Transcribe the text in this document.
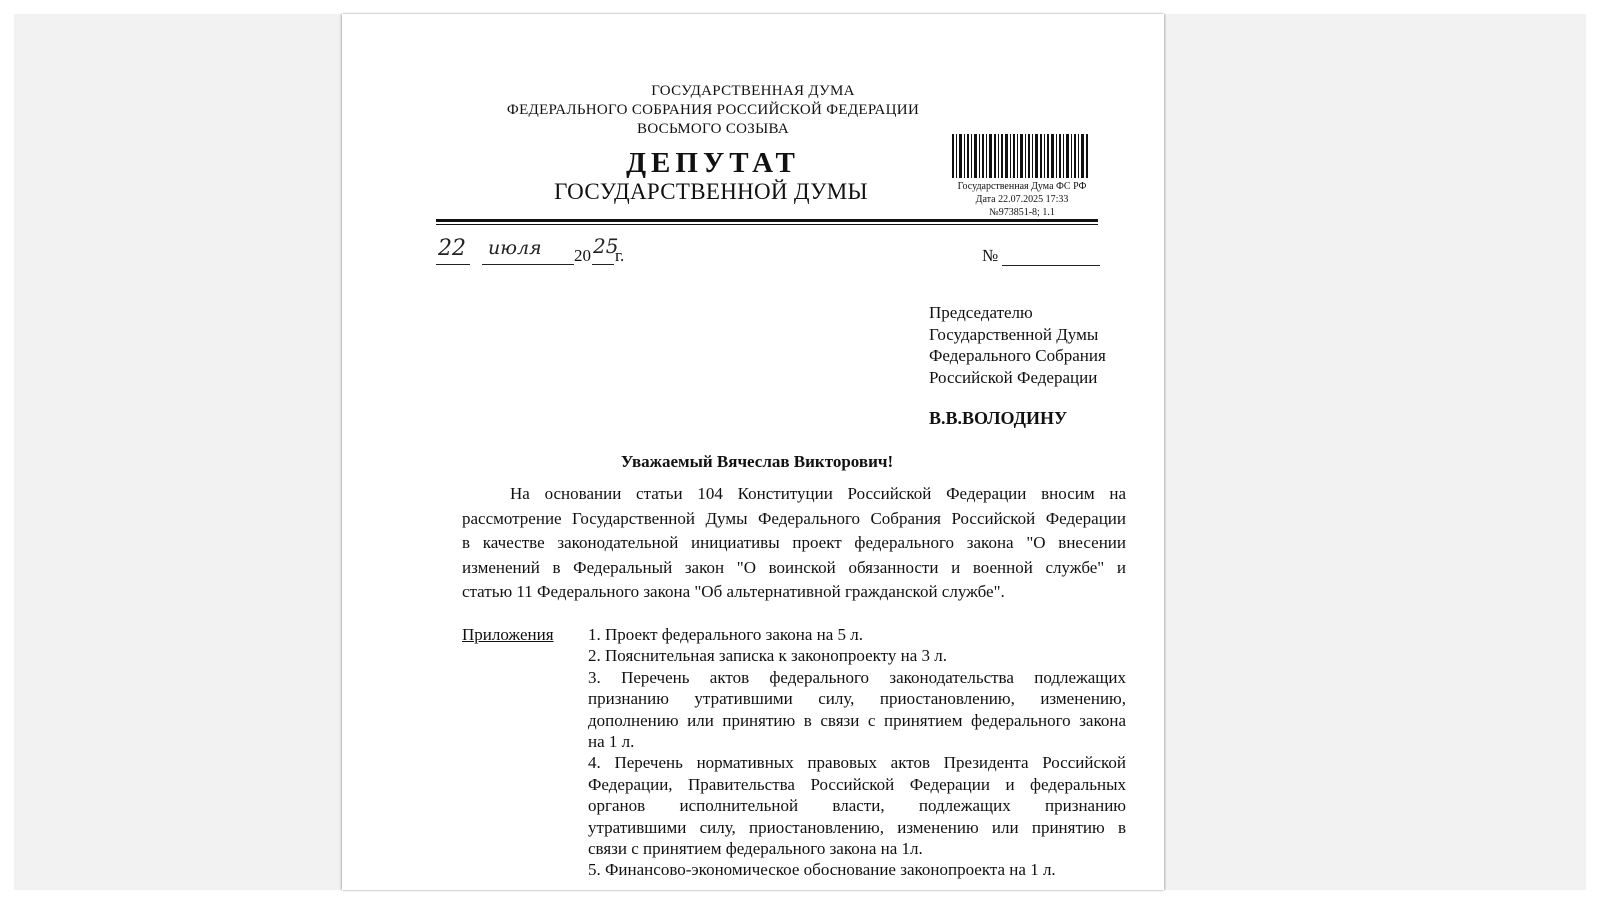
ГОСУДАРСТВЕННАЯ ДУМА
ФЕДЕРАЛЬНОГО СОБРАНИЯ РОССИЙСКОЙ ФЕДЕРАЦИИ
ВОСЬМОГО СОЗЫВА
ДЕПУТАТ
ГОСУДАРСТВЕННОЙ ДУМЫ	Государственная Дума ФС РФ
Дата 22.07.2025 17:33
№973851-8; 1.1
22 июля 20 25
г.	№
Председателю
Государственной Думы
Федерального Собрания
Российской Федерации
В.В.ВОЛОДИНУ
Уважаемый Вячеслав Викторович!

На основании статьи 104 Конституции Российской Федерации вносим на

рассмотрение Государственной Думы Федерального Собрания Российской Федерации

в качестве законодательной инициативы проект федерального закона "О внесении

изменений в Федеральный закон "О воинской обязанности и военной службе" и

статью 11 Федерального закона "Об альтернативной гражданской службе".

Приложения 1. Проект федерального закона на 5 л.
2. Пояснительная записка к законопроекту на 3 л.
3. Перечень актов федерального законодательства подлежащих
признанию утратившими силу, приостановлению, изменению,
дополнению или принятию в связи с принятием федерального закона
на 1 л.
4. Перечень нормативных правовых актов Президента Российской
Федерации, Правительства Российской Федерации и федеральных
органов исполнительной власти, подлежащих признанию
утратившими силу, приостановлению, изменению или принятию в
связи с принятием федерального закона на 1л.
5. Финансово-экономическое обоснование законопроекта на 1 л.
